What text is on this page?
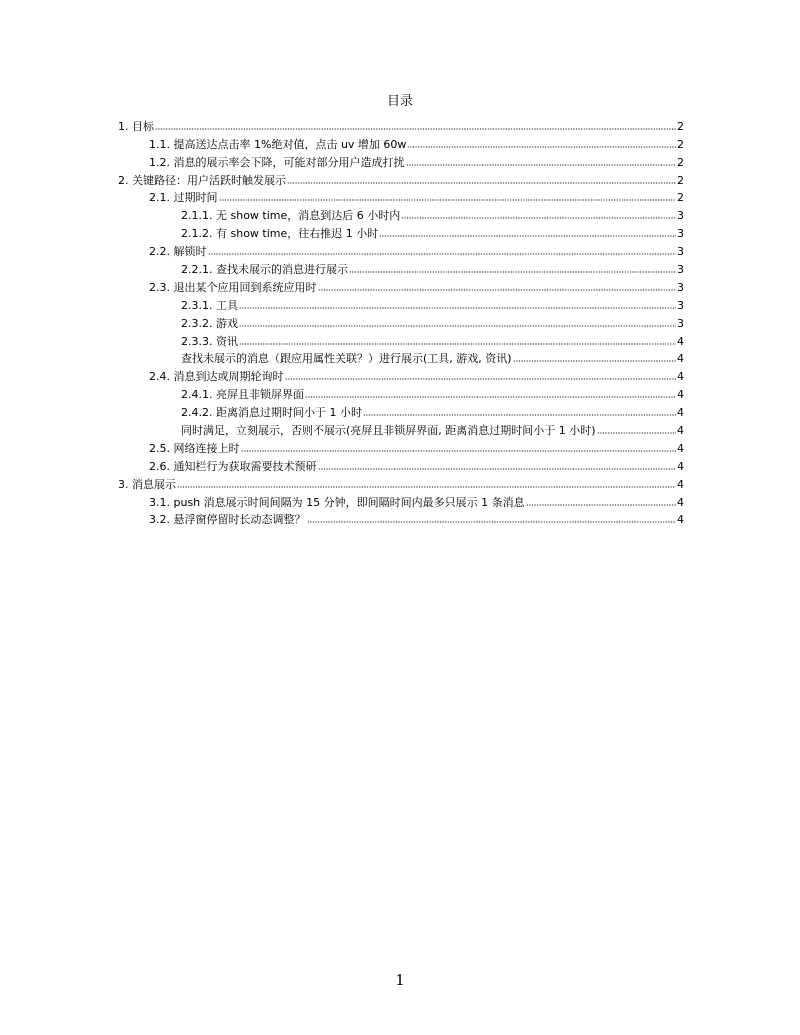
目录
1. 目标	2
1.1. 提高送达点击率 1%绝对值，点击 uv 增加 60w	2
1.2. 消息的展示率会下降，可能对部分用户造成打扰	2
2. 关键路径：用户活跃时触发展示	2
2.1. 过期时间	2
2.1.1. 无 show time，消息到达后 6 小时内	3
2.1.2. 有 show time，往右推迟 1 小时	3
2.2. 解锁时	3
2.2.1. 查找未展示的消息进行展示	3
2.3. 退出某个应用回到系统应用时	3
2.3.1. 工具	3
2.3.2. 游戏	3
2.3.3. 资讯	4
查找未展示的消息（跟应用属性关联？）进行展示(工具, 游戏, 资讯)	4
2.4. 消息到达或周期轮询时	4
2.4.1. 亮屏且非锁屏界面	4
2.4.2. 距离消息过期时间小于 1 小时	4
同时满足，立刻展示，否则不展示(亮屏且非锁屏界面, 距离消息过期时间小于 1 小时)	4
2.5. 网络连接上时	4
2.6. 通知栏行为获取需要技术预研	4
3. 消息展示	4
3.1. push 消息展示时间间隔为 15 分钟，即间隔时间内最多只展示 1 条消息	4
3.2. 悬浮窗停留时长动态调整？	4
1
